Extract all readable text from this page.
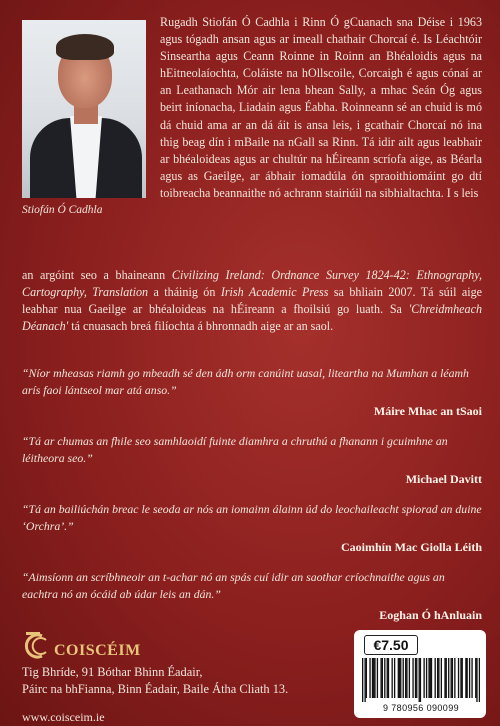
Stiofán Ó Cadhla

Rugadh Stiofán Ó Cadhla i Rinn Ó gCuanach sna Déise i 1963 agus tógadh ansan agus ar imeall chathair Chorcaí é. Is Léachtóir Sinseartha agus Ceann Roinne in Roinn an Bhéaloidis agus na hEitneolaíochta, Coláiste na hOllscoile, Corcaigh é agus cónaí ar an Leathanach Mór air lena bhean Sally, a mhac Seán Óg agus beirt iníonacha, Liadain agus Éabha. Roinneann sé an chuid is mó dá chuid ama ar an dá áit is ansa leis, i gcathair Chorcaí nó ina thig beag dín i mBaile na nGall sa Rinn. Tá idir ailt agus leabhair ar bhéaloideas agus ar chultúr na hÉireann scríofa aige, as Béarla agus as Gaeilge, ar ábhair iomadúla ón spraoithiomáint go dtí toibreacha beannaithe nó achrann stairiúil na sibhialtachta. I s leis

an argóint seo a bhaineann Civilizing Ireland: Ordnance Survey 1824-42: Ethnography, Cartography, Translation a tháinig ón Irish Academic Press sa bhliain 2007. Tá súil aige leabhar nua Gaeilge ar bhéaloideas na hÉireann a fhoilsiú go luath. Sa 'Chreidmheach Déanach' tá cnuasach breá filíochta á bhronnadh aige ar an saol.

“Níor mheasas riamh go mbeadh sé den ádh orm canúint uasal, liteartha na Mumhan a léamh arís faoi lántseol mar atá anso.”

Máire Mhac an tSaoi

“Tá ar chumas an fhile seo samhlaoidí fuinte diamhra a chruthú a fhanann i gcuimhne an léitheora seo.”

Michael Davitt

“Tá an bailiúchán breac le seoda ar nós an iomainn álainn úd do leochaileacht spiorad an duine ‘Orchra’.”

Caoimhín Mac Giolla Léith

“Aimsíonn an scríbhneoir an t-achar nó an spás cuí idir an saothar críochnaithe agus an eachtra nó an ócáid ab údar leis an dán.”

Eoghan Ó hAnluain
COISCÉIM

Tig Bhríde, 91 Bóthar Bhinn Éadair,
Páirc na bhFianna, Binn Éadair, Baile Átha Cliath 13.

www.coisceim.ie
€7.50
9 780956 090099
